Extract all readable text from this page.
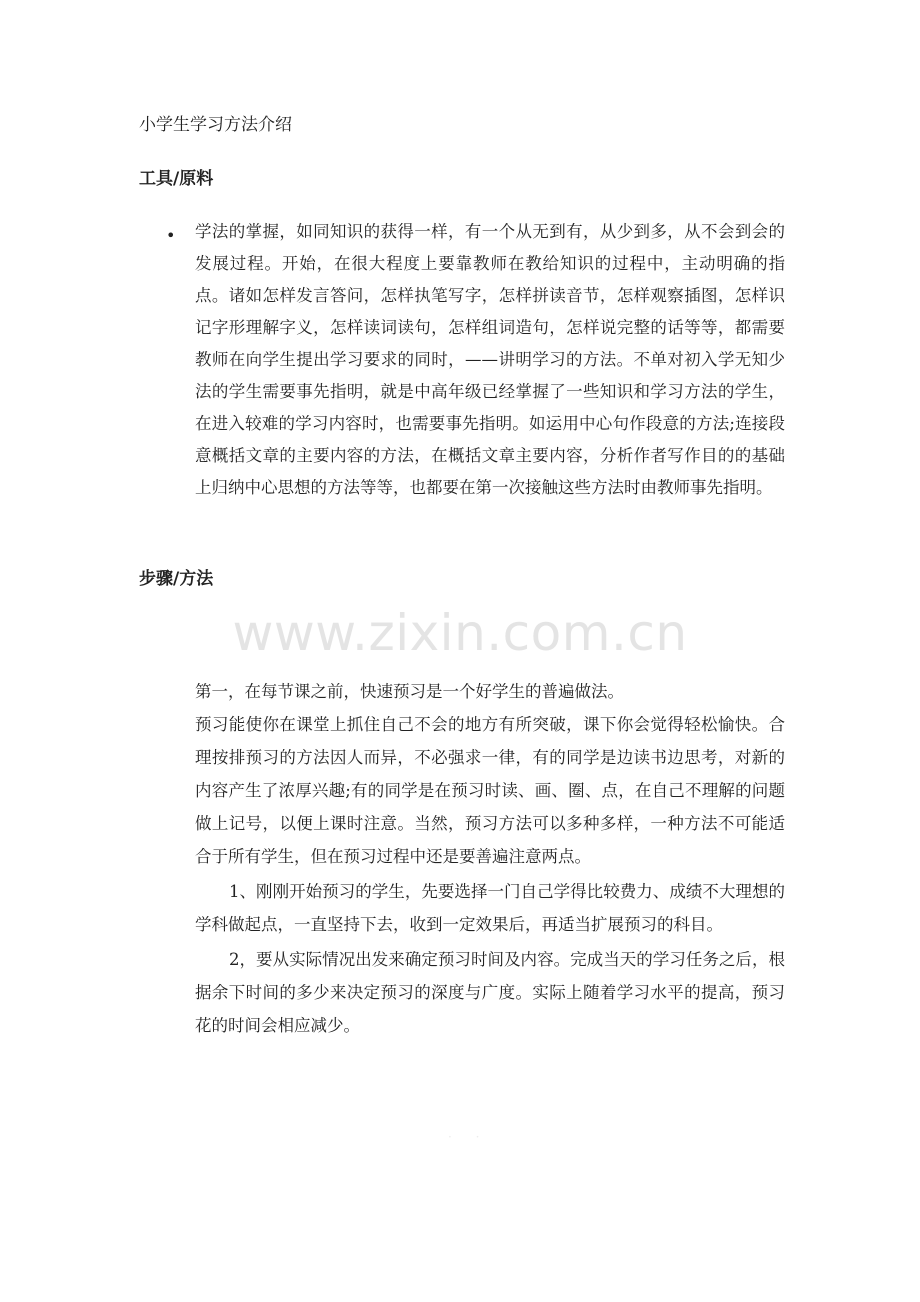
小学生学习方法介绍
工具/原料
• 学法的掌握，如同知识的获得一样，有一个从无到有，从少到多，从不会到会的发展过程。开始，在很大程度上要靠教师在教给知识的过程中，主动明确的指点。诸如怎样发言答问，怎样执笔写字，怎样拼读音节，怎样观察插图，怎样识记字形理解字义，怎样读词读句，怎样组词造句，怎样说完整的话等等，都需要教师在向学生提出学习要求的同时，——讲明学习的方法。不单对初入学无知少法的学生需要事先指明，就是中高年级已经掌握了一些知识和学习方法的学生，在进入较难的学习内容时，也需要事先指明。如运用中心句作段意的方法;连接段意概括文章的主要内容的方法，在概括文章主要内容，分析作者写作目的的基础上归纳中心思想的方法等等，也都要在第一次接触这些方法时由教师事先指明。
步骤/方法
www.zixin.com.cn

第一，在每节课之前，快速预习是一个好学生的普遍做法。

预习能使你在课堂上抓住自己不会的地方有所突破，课下你会觉得轻松愉快。合理按排预习的方法因人而异，不必强求一律，有的同学是边读书边思考，对新的内容产生了浓厚兴趣;有的同学是在预习时读、画、圈、点，在自己不理解的问题做上记号，以便上课时注意。当然，预习方法可以多种多样，一种方法不可能适合于所有学生，但在预习过程中还是要善遍注意两点。

1、刚刚开始预习的学生，先要选择一门自己学得比较费力、成绩不大理想的学科做起点，一直坚持下去，收到一定效果后，再适当扩展预习的科目。

2，要从实际情况出发来确定预习时间及内容。完成当天的学习任务之后，根据余下时间的多少来决定预习的深度与广度。实际上随着学习水平的提高，预习花的时间会相应减少。

· ·
